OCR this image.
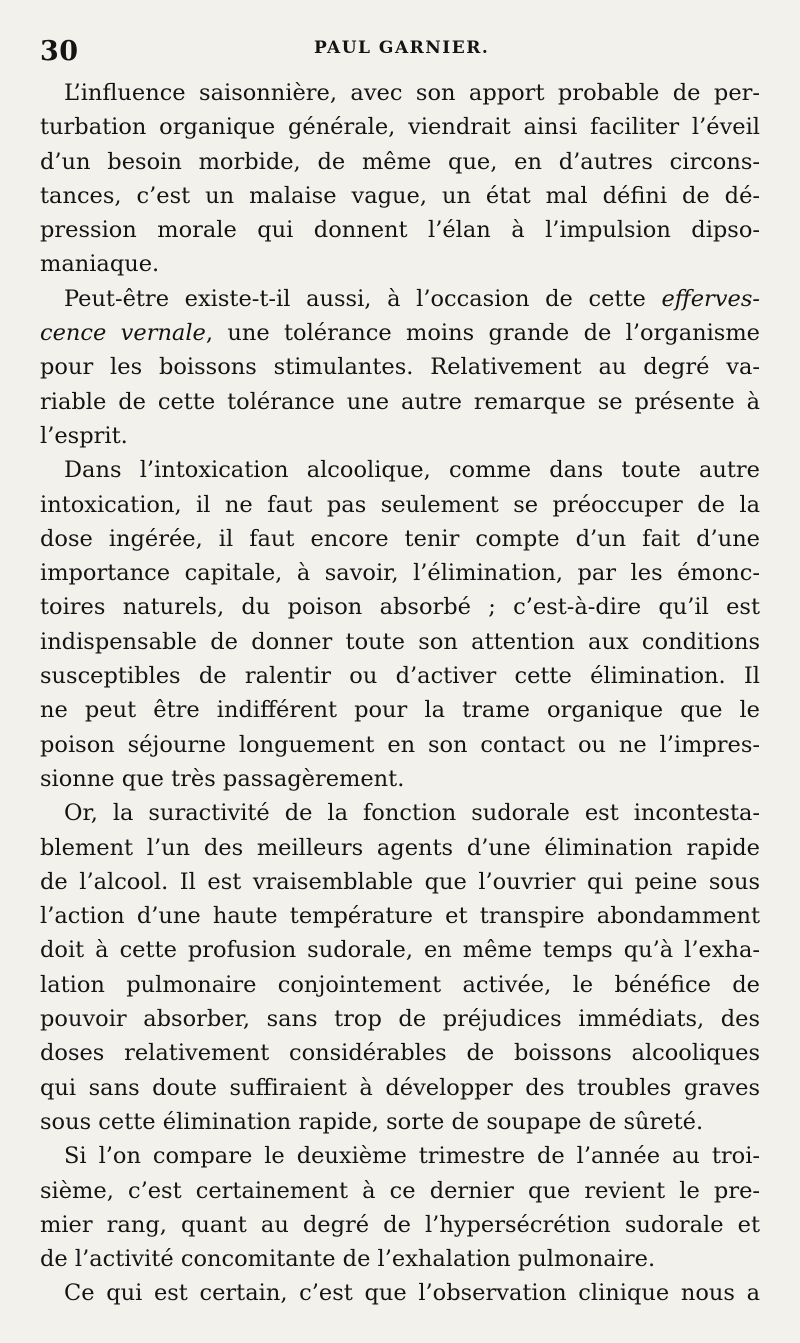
30	PAUL GARNIER.
L’influence saisonnière, avec son apport probable de per-
turbation organique générale, viendrait ainsi faciliter l’éveil
d’un besoin morbide, de même que, en d’autres circons-
tances, c’est un malaise vague, un état mal défini de dé-
pression morale qui donnent l’élan à l’impulsion dipso-
maniaque.
Peut-être existe-t-il aussi, à l’occasion de cette efferves-
cence vernale, une tolérance moins grande de l’organisme
pour les boissons stimulantes. Relativement au degré va-
riable de cette tolérance une autre remarque se présente à
l’esprit.
Dans l’intoxication alcoolique, comme dans toute autre
intoxication, il ne faut pas seulement se préoccuper de la
dose ingérée, il faut encore tenir compte d’un fait d’une
importance capitale, à savoir, l’élimination, par les émonc-
toires naturels, du poison absorbé ; c’est-à-dire qu’il est
indispensable de donner toute son attention aux conditions
susceptibles de ralentir ou d’activer cette élimination. Il
ne peut être indifférent pour la trame organique que le
poison séjourne longuement en son contact ou ne l’impres-
sionne que très passagèrement.
Or, la suractivité de la fonction sudorale est incontesta-
blement l’un des meilleurs agents d’une élimination rapide
de l’alcool. Il est vraisemblable que l’ouvrier qui peine sous
l’action d’une haute température et transpire abondamment
doit à cette profusion sudorale, en même temps qu’à l’exha-
lation pulmonaire conjointement activée, le bénéfice de
pouvoir absorber, sans trop de préjudices immédiats, des
doses relativement considérables de boissons alcooliques
qui sans doute suffiraient à développer des troubles graves
sous cette élimination rapide, sorte de soupape de sûreté.
Si l’on compare le deuxième trimestre de l’année au troi-
sième, c’est certainement à ce dernier que revient le pre-
mier rang, quant au degré de l’hypersécrétion sudorale et
de l’activité concomitante de l’exhalation pulmonaire.
Ce qui est certain, c’est que l’observation clinique nous a
